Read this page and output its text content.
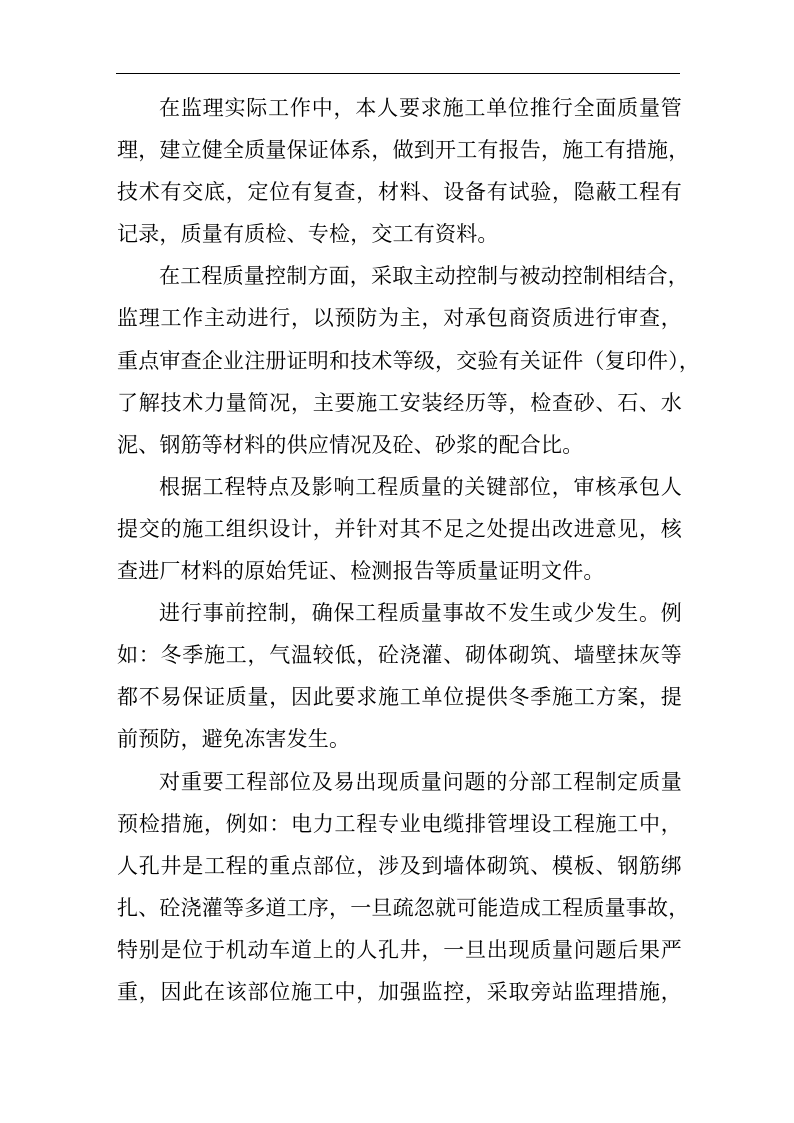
在监理实际工作中，本人要求施工单位推行全面质量管
理，建立健全质量保证体系，做到开工有报告，施工有措施，
技术有交底，定位有复查，材料、设备有试验，隐蔽工程有
记录，质量有质检、专检，交工有资料。
在工程质量控制方面，采取主动控制与被动控制相结合，
监理工作主动进行，以预防为主，对承包商资质进行审查，
重点审查企业注册证明和技术等级，交验有关证件（复印件），
了解技术力量简况，主要施工安装经历等，检查砂、石、水
泥、钢筋等材料的供应情况及砼、砂浆的配合比。
根据工程特点及影响工程质量的关键部位，审核承包人
提交的施工组织设计，并针对其不足之处提出改进意见，核
查进厂材料的原始凭证、检测报告等质量证明文件。
进行事前控制，确保工程质量事故不发生或少发生。例
如：冬季施工，气温较低，砼浇灌、砌体砌筑、墙壁抹灰等
都不易保证质量，因此要求施工单位提供冬季施工方案，提
前预防，避免冻害发生。
对重要工程部位及易出现质量问题的分部工程制定质量
预检措施，例如：电力工程专业电缆排管埋设工程施工中，
人孔井是工程的重点部位，涉及到墙体砌筑、模板、钢筋绑
扎、砼浇灌等多道工序，一旦疏忽就可能造成工程质量事故，
特别是位于机动车道上的人孔井，一旦出现质量问题后果严
重，因此在该部位施工中，加强监控，采取旁站监理措施，
